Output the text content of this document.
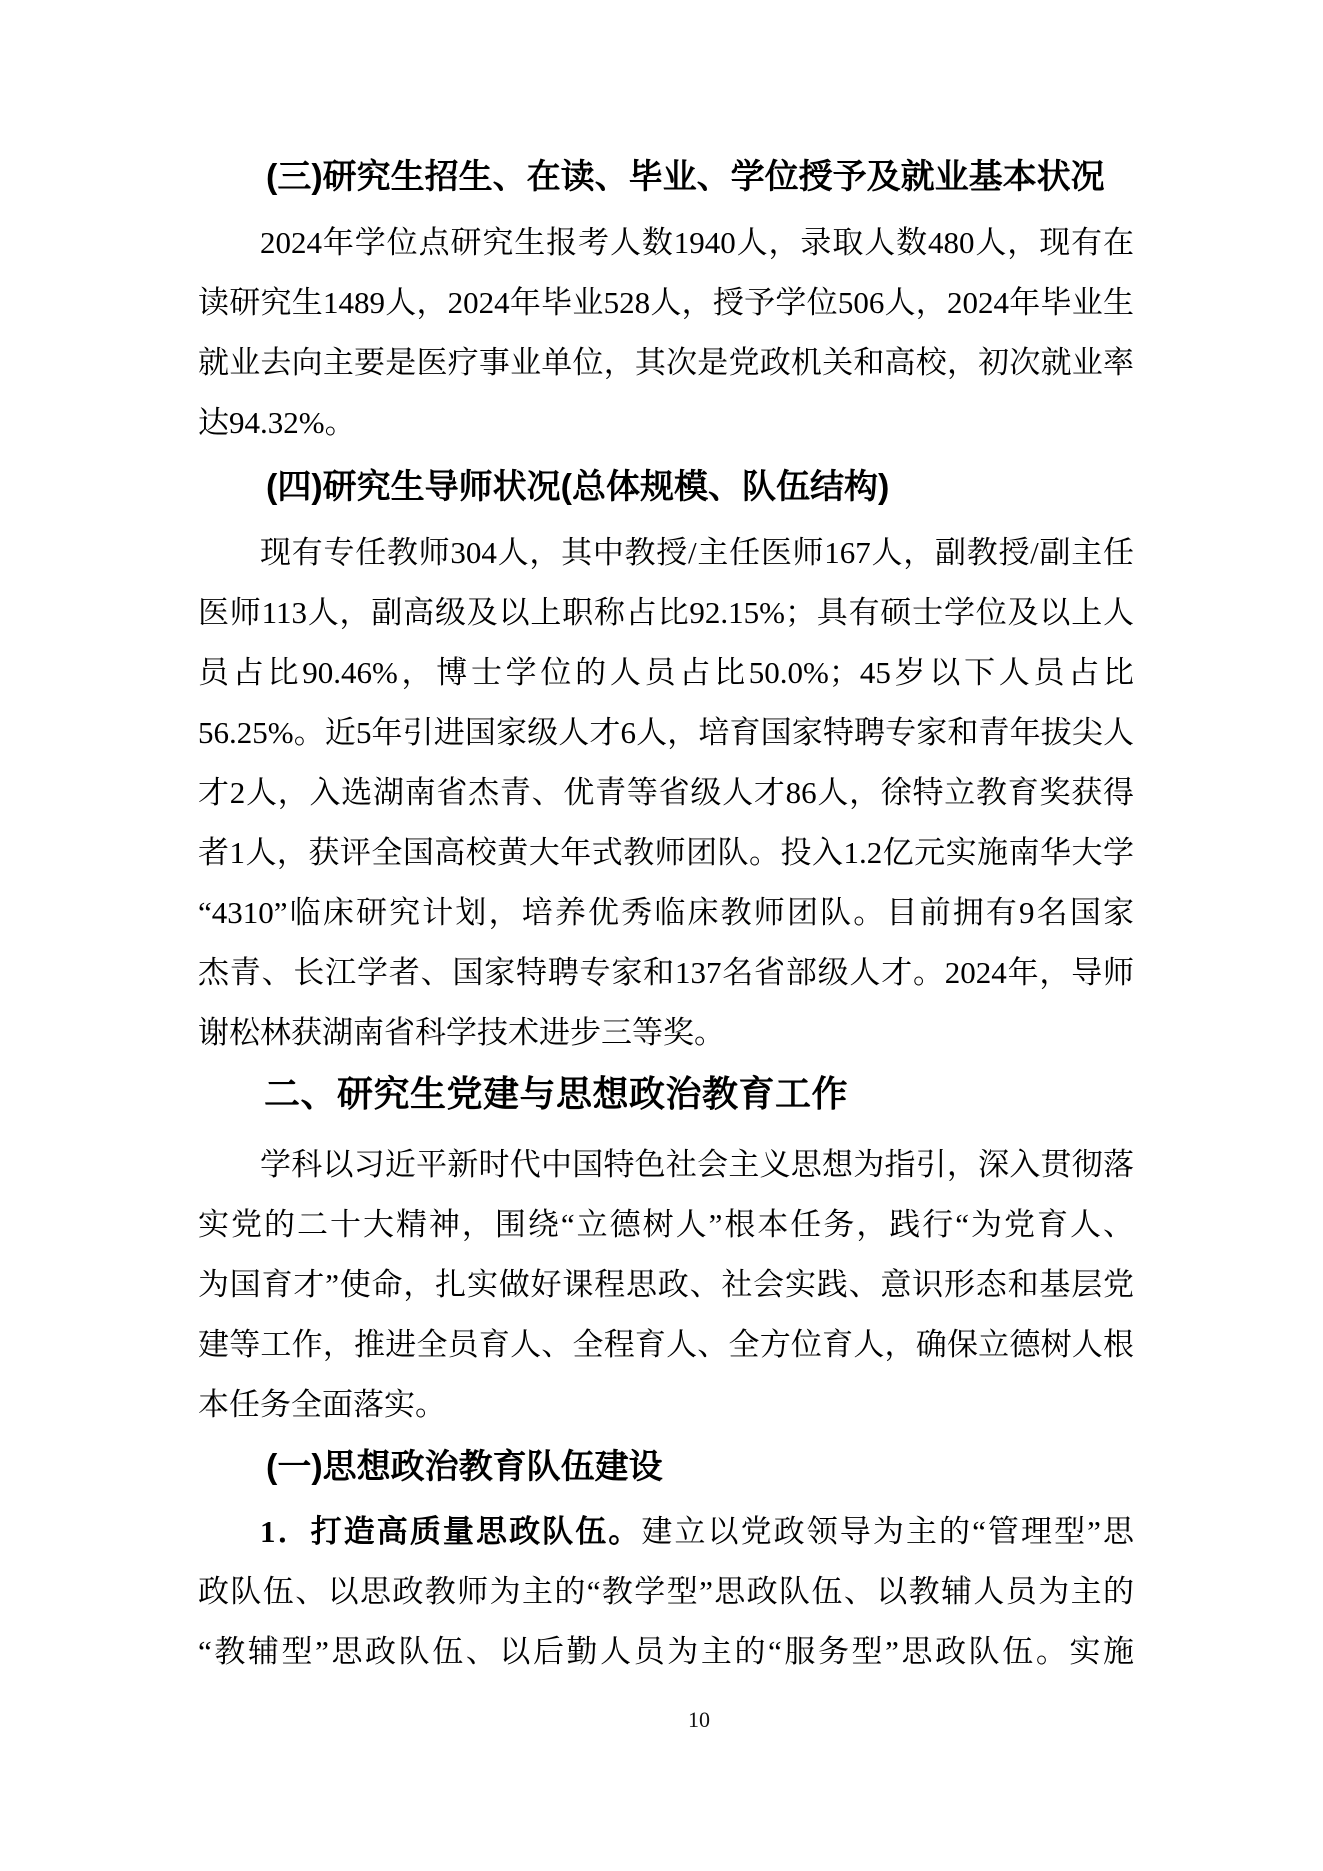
(三)研究生招生、在读、毕业、学位授予及就业基本状况
2024年学位点研究生报考人数1940人，录取人数480人，现有在
读研究生1489人，2024年毕业528人，授予学位506人，2024年毕业生
就业去向主要是医疗事业单位，其次是党政机关和高校，初次就业率
达94.32%。
(四)研究生导师状况(总体规模、队伍结构)
现有专任教师304人，其中教授/主任医师167人，副教授/副主任
医师113人，副高级及以上职称占比92.15%；具有硕士学位及以上人
员占比90.46%，博士学位的人员占比50.0%；45岁以下人员占比
56.25%。近5年引进国家级人才6人，培育国家特聘专家和青年拔尖人
才2人，入选湖南省杰青、优青等省级人才86人，徐特立教育奖获得
者1人，获评全国高校黄大年式教师团队。投入1.2亿元实施南华大学
“4310”临床研究计划，培养优秀临床教师团队。目前拥有9名国家
杰青、长江学者、国家特聘专家和137名省部级人才。2024年，导师
谢松林获湖南省科学技术进步三等奖。
二、研究生党建与思想政治教育工作
学科以习近平新时代中国特色社会主义思想为指引，深入贯彻落
实党的二十大精神，围绕“立德树人”根本任务，践行“为党育人、
为国育才”使命，扎实做好课程思政、社会实践、意识形态和基层党
建等工作，推进全员育人、全程育人、全方位育人，确保立德树人根
本任务全面落实。
(一)思想政治教育队伍建设
1．打造高质量思政队伍。建立以党政领导为主的“管理型”思
政队伍、以思政教师为主的“教学型”思政队伍、以教辅人员为主的
“教辅型”思政队伍、以后勤人员为主的“服务型”思政队伍。实施
10
